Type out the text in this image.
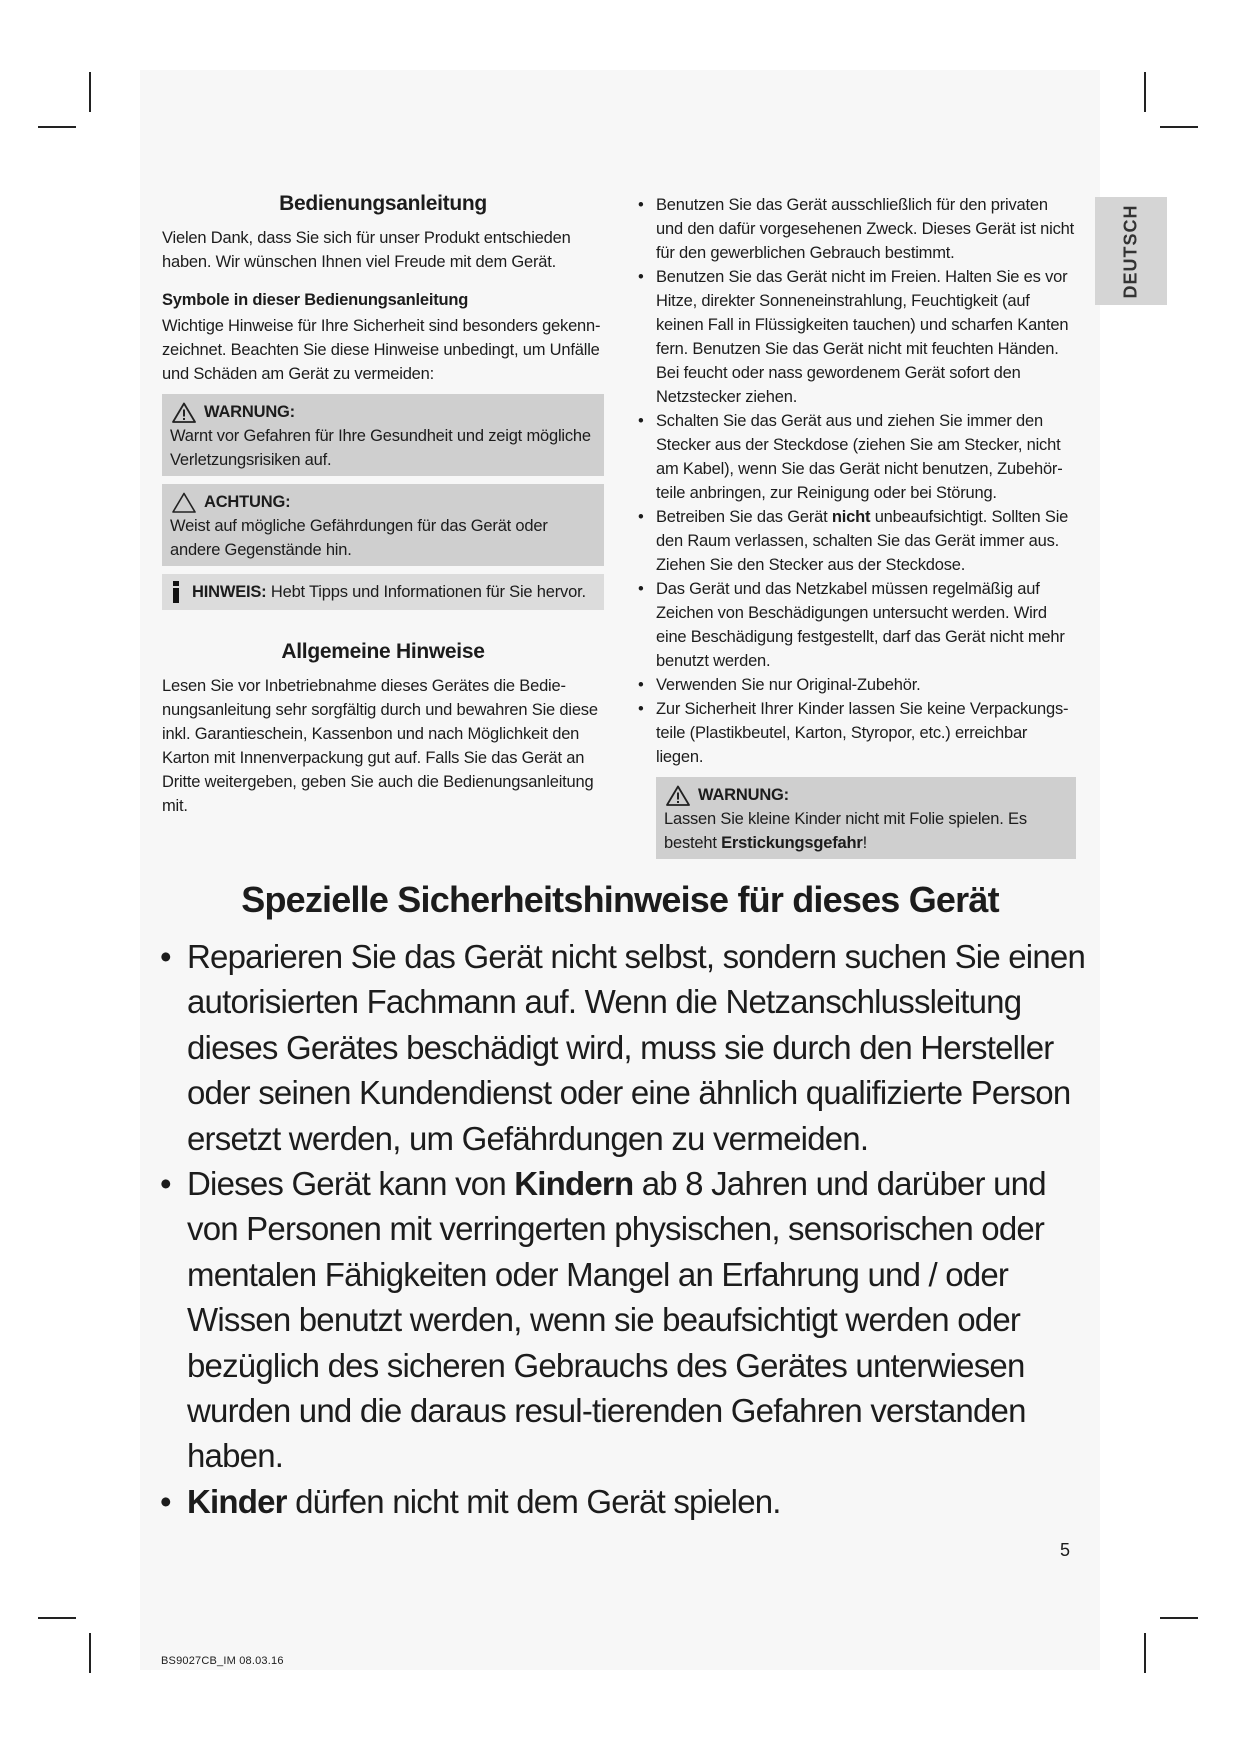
DEUTSCH
Bedienungsanleitung

Vielen Dank, dass Sie sich für unser Produkt entschieden haben. Wir wünschen Ihnen viel Freude mit dem Gerät.

Symbole in dieser Bedienungsanleitung

Wichtige Hinweise für Ihre Sicherheit sind besonders gekenn-zeichnet. Beachten Sie diese Hinweise unbedingt, um Unfälle und Schäden am Gerät zu vermeiden:

WARNUNG:

Warnt vor Gefahren für Ihre Gesundheit und zeigt mögliche Verletzungsrisiken auf.

ACHTUNG:

Weist auf mögliche Gefährdungen für das Gerät oder andere Gegenstände hin.

HINWEIS: Hebt Tipps und Informationen für Sie hervor.
Allgemeine Hinweise

Lesen Sie vor Inbetriebnahme dieses Gerätes die Bedie-nungsanleitung sehr sorgfältig durch und bewahren Sie diese inkl. Garantieschein, Kassenbon und nach Möglichkeit den Karton mit Innenverpackung gut auf. Falls Sie das Gerät an Dritte weitergeben, geben Sie auch die Bedienungsanleitung mit.

• Benutzen Sie das Gerät ausschließlich für den privaten und den dafür vorgesehenen Zweck. Dieses Gerät ist nicht für den gewerblichen Gebrauch bestimmt.
• Benutzen Sie das Gerät nicht im Freien. Halten Sie es vor Hitze, direkter Sonneneinstrahlung, Feuchtigkeit (auf keinen Fall in Flüssigkeiten tauchen) und scharfen Kanten fern. Benutzen Sie das Gerät nicht mit feuchten Händen. Bei feucht oder nass gewordenem Gerät sofort den Netzstecker ziehen.
• Schalten Sie das Gerät aus und ziehen Sie immer den Stecker aus der Steckdose (ziehen Sie am Stecker, nicht am Kabel), wenn Sie das Gerät nicht benutzen, Zubehör-teile anbringen, zur Reinigung oder bei Störung.
• Betreiben Sie das Gerät nicht unbeaufsichtigt. Sollten Sie den Raum verlassen, schalten Sie das Gerät immer aus. Ziehen Sie den Stecker aus der Steckdose.
• Das Gerät und das Netzkabel müssen regelmäßig auf Zeichen von Beschädigungen untersucht werden. Wird eine Beschädigung festgestellt, darf das Gerät nicht mehr benutzt werden.
• Verwenden Sie nur Original-Zubehör.
• Zur Sicherheit Ihrer Kinder lassen Sie keine Verpackungs-teile (Plastikbeutel, Karton, Styropor, etc.) erreichbar liegen.
WARNUNG:

Lassen Sie kleine Kinder nicht mit Folie spielen. Es besteht Erstickungsgefahr!

Spezielle Sicherheitshinweise für dieses Gerät
• Reparieren Sie das Gerät nicht selbst, sondern suchen Sie einen autorisierten Fachmann auf. Wenn die Netzanschlussleitung dieses Gerätes beschädigt wird, muss sie durch den Hersteller oder seinen Kundendienst oder eine ähnlich qualifizierte Person ersetzt werden, um Gefährdungen zu vermeiden.
• Dieses Gerät kann von Kindern ab 8 Jahren und darüber und von Personen mit verringerten physischen, sensorischen oder mentalen Fähigkeiten oder Mangel an Erfahrung und / oder Wissen benutzt werden, wenn sie beaufsichtigt werden oder bezüglich des sicheren Gebrauchs des Gerätes unterwiesen wurden und die daraus resul-tierenden Gefahren verstanden haben.
• Kinder dürfen nicht mit dem Gerät spielen.
5
BS9027CB_IM 08.03.16
